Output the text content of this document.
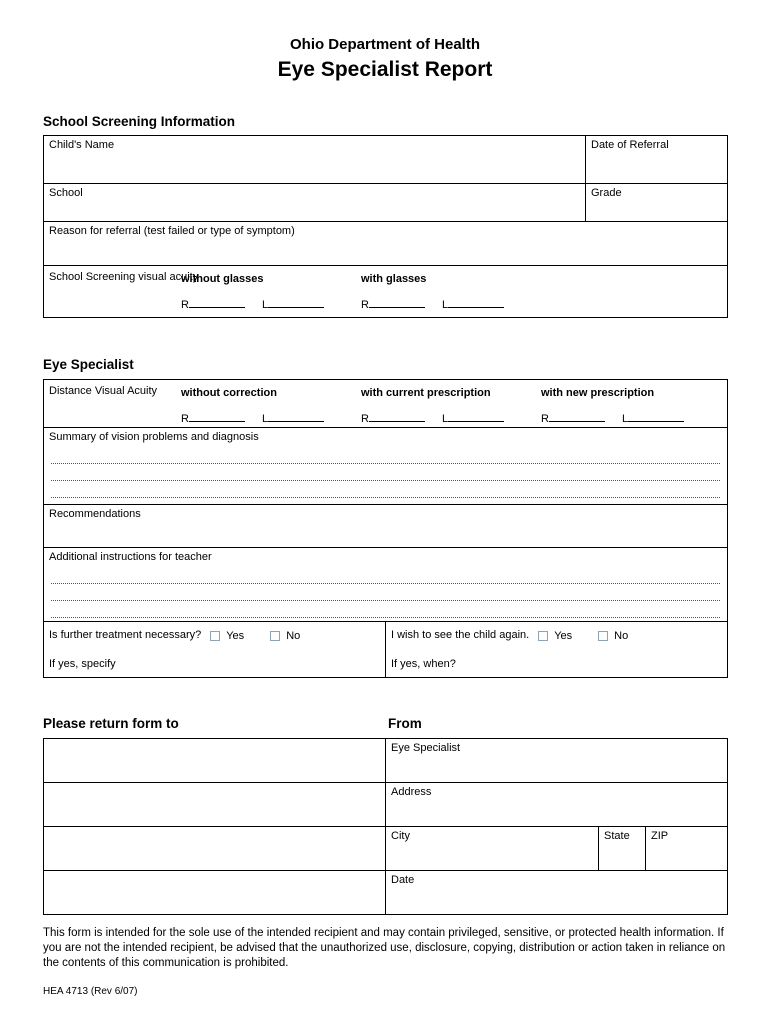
Ohio Department of Health
Eye Specialist Report
School Screening Information
Child's Name	Date of Referral
School	Grade
Reason for referral (test failed or type of symptom)	

School Screening visual acuity
without glasses with glasses
R L R L	
Eye Specialist
Distance Visual Acuity without correction	with current prescription	with new prescription
R	L	R	L	R	L

Summary of vision problems and diagnosis

Recommendations
Additional instructions for teacher

Is further treatment necessary? Yes	No
If yes, specify	
I wish to see the child again. Yes	No
If yes, when?
Please return form to	From
	Eye Specialist		
	Address		
	City	State	ZIP
	Date		

This form is intended for the sole use of the intended recipient and may contain privileged, sensitive, or protected health information. If you are not the intended recipient, be advised that the unauthorized use, disclosure, copying, distribution or action taken in reliance on the contents of this communication is prohibited.

HEA 4713 (Rev 6/07)
